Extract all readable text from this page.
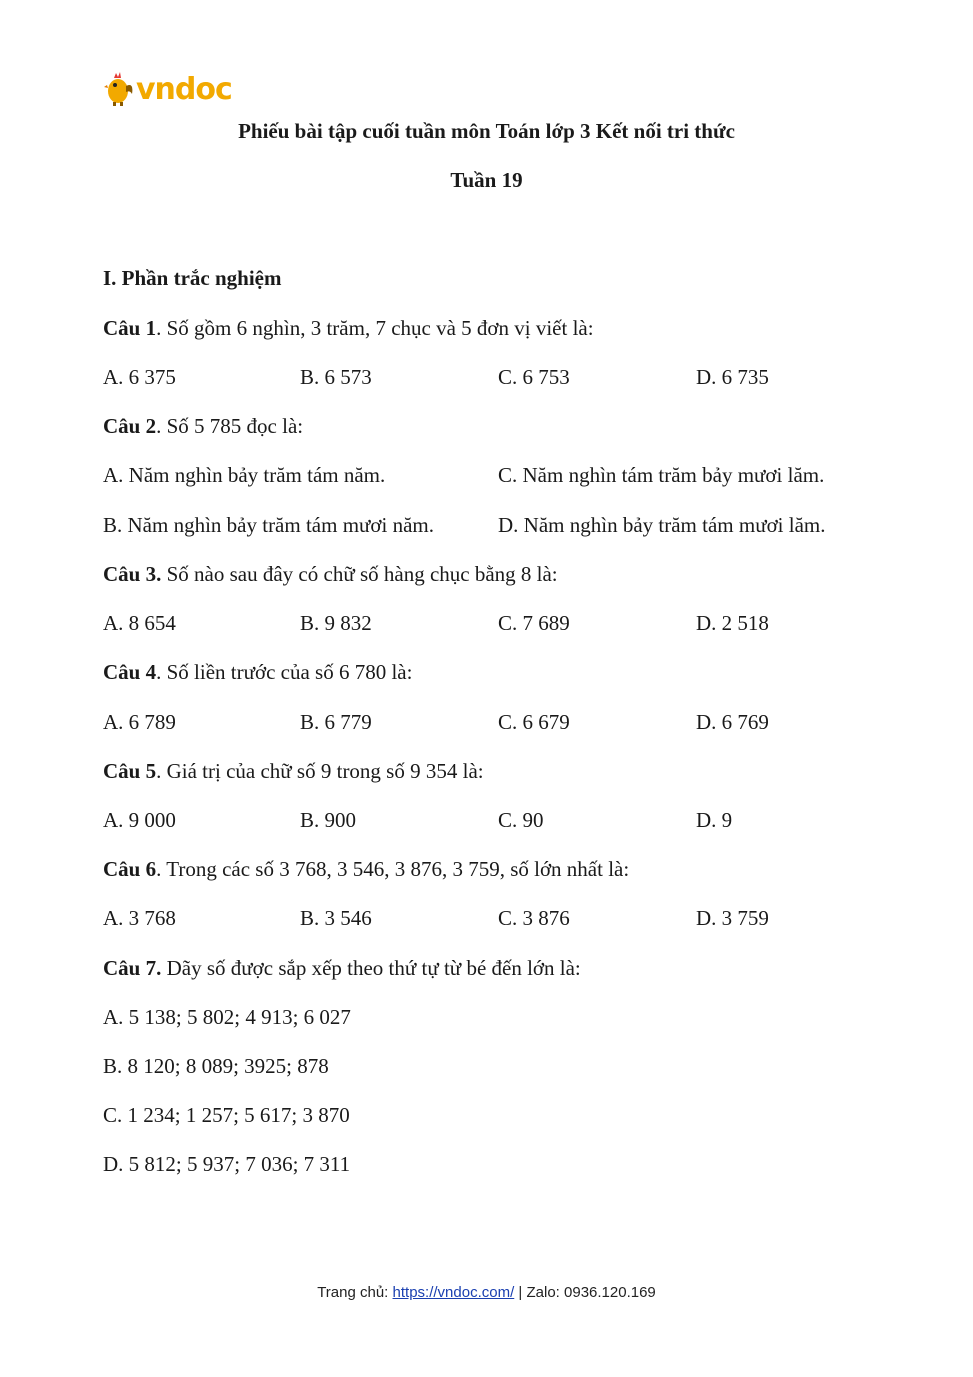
vndoc
Phiếu bài tập cuối tuần môn Toán lớp 3 Kết nối tri thức
Tuần 19
I. Phần trắc nghiệm
Câu 1. Số gồm 6 nghìn, 3 trăm, 7 chục và 5 đơn vị viết là:
A. 6 375	B. 6 573	C. 6 753	D. 6 735
Câu 2. Số 5 785 đọc là:
A. Năm nghìn bảy trăm tám năm.	C. Năm nghìn tám trăm bảy mươi lăm.
B. Năm nghìn bảy trăm tám mươi năm.	D. Năm nghìn bảy trăm tám mươi lăm.
Câu 3. Số nào sau đây có chữ số hàng chục bằng 8 là:
A. 8 654	B. 9 832	C. 7 689	D. 2 518
Câu 4. Số liền trước của số 6 780 là:
A. 6 789	B. 6 779	C. 6 679	D. 6 769
Câu 5. Giá trị của chữ số 9 trong số 9 354 là:
A. 9 000	B. 900	C. 90	D. 9
Câu 6. Trong các số 3 768, 3 546, 3 876, 3 759, số lớn nhất là:
A. 3 768	B. 3 546	C. 3 876	D. 3 759
Câu 7. Dãy số được sắp xếp theo thứ tự từ bé đến lớn là:
A. 5 138; 5 802; 4 913; 6 027
B. 8 120; 8 089; 3925; 878
C. 1 234; 1 257; 5 617; 3 870
D. 5 812; 5 937; 7 036; 7 311
Trang chủ: https://vndoc.com/ | Zalo: 0936.120.169
